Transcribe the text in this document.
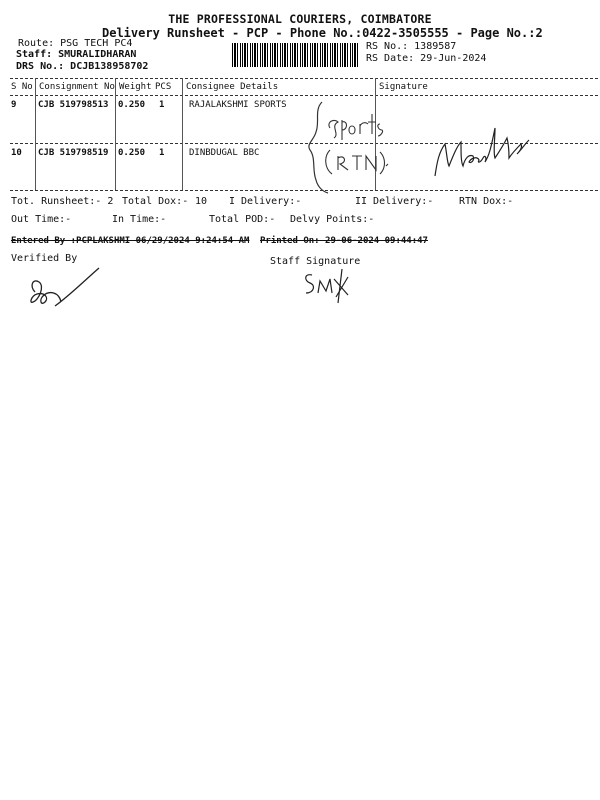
THE PROFESSIONAL COURIERS, COIMBATORE
Delivery Runsheet - PCP - Phone No.:0422-3505555 - Page No.:2
Route: PSG TECH PC4
Staff: SMURALIDHARAN
DRS No.: DCJB138958702
RS No.: 1389587
RS Date: 29-Jun-2024
S No Consignment No Weight PCS Consignee Details	Signature
9 CJB 519798513 0.250 1	RAJALAKSHMI SPORTS
10 CJB 519798519 0.250 1	DINBDUGAL BBC
Tot. Runsheet:- 2 Total Dox:- 10 I Delivery:-	II Delivery:-	RTN Dox:-
Out Time:-	In Time:-	Total POD:- Delvy Points:-
Entered By :PCPLAKSHMI 06/29/2024 9:24:54 AM Printed On: 29-06-2024 09:44:47
Verified By	Staff Signature
